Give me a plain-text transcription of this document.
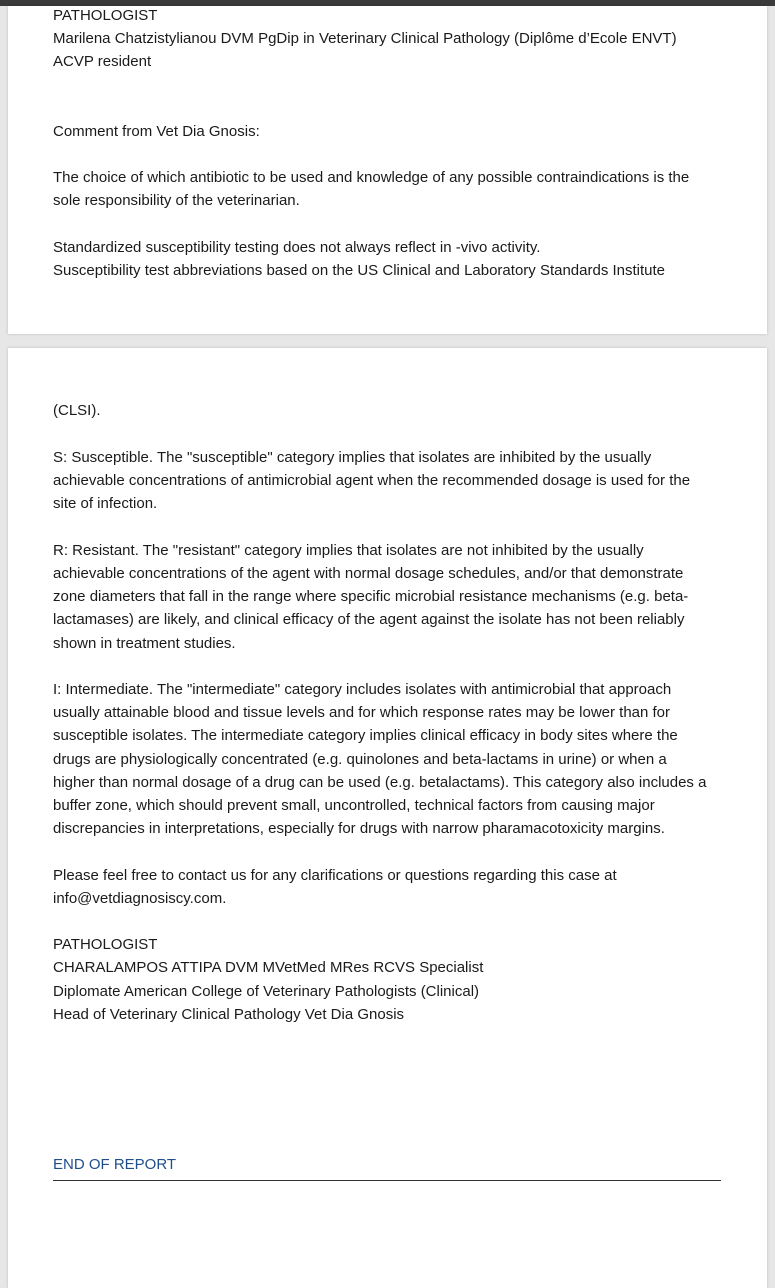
PATHOLOGIST
Marilena Chatzistylianou DVM PgDip in Veterinary Clinical Pathology (Diplôme d’Ecole ENVT)
ACVP resident
Comment from Vet Dia Gnosis:
The choice of which antibiotic to be used and knowledge of any possible contraindications is the
sole responsibility of the veterinarian.
Standardized susceptibility testing does not always reflect in -vivo activity.
Susceptibility test abbreviations based on the US Clinical and Laboratory Standards Institute
(CLSI).
S: Susceptible. The "susceptible" category implies that isolates are inhibited by the usually
achievable concentrations of antimicrobial agent when the recommended dosage is used for the
site of infection.
R: Resistant. The "resistant" category implies that isolates are not inhibited by the usually
achievable concentrations of the agent with normal dosage schedules, and/or that demonstrate
zone diameters that fall in the range where specific microbial resistance mechanisms (e.g. beta-
lactamases) are likely, and clinical efficacy of the agent against the isolate has not been reliably
shown in treatment studies.
I: Intermediate. The "intermediate" category includes isolates with antimicrobial that approach
usually attainable blood and tissue levels and for which response rates may be lower than for
susceptible isolates. The intermediate category implies clinical efficacy in body sites where the
drugs are physiologically concentrated (e.g. quinolones and beta-lactams in urine) or when a
higher than normal dosage of a drug can be used (e.g. betalactams). This category also includes a
buffer zone, which should prevent small, uncontrolled, technical factors from causing major
discrepancies in interpretations, especially for drugs with narrow pharamacotoxicity margins.
Please feel free to contact us for any clarifications or questions regarding this case at
info@vetdiagnosiscy.com.
PATHOLOGIST
CHARALAMPOS ATTIPA DVM MVetMed MRes RCVS Specialist
Diplomate American College of Veterinary Pathologists (Clinical)
Head of Veterinary Clinical Pathology Vet Dia Gnosis
END OF REPORT
